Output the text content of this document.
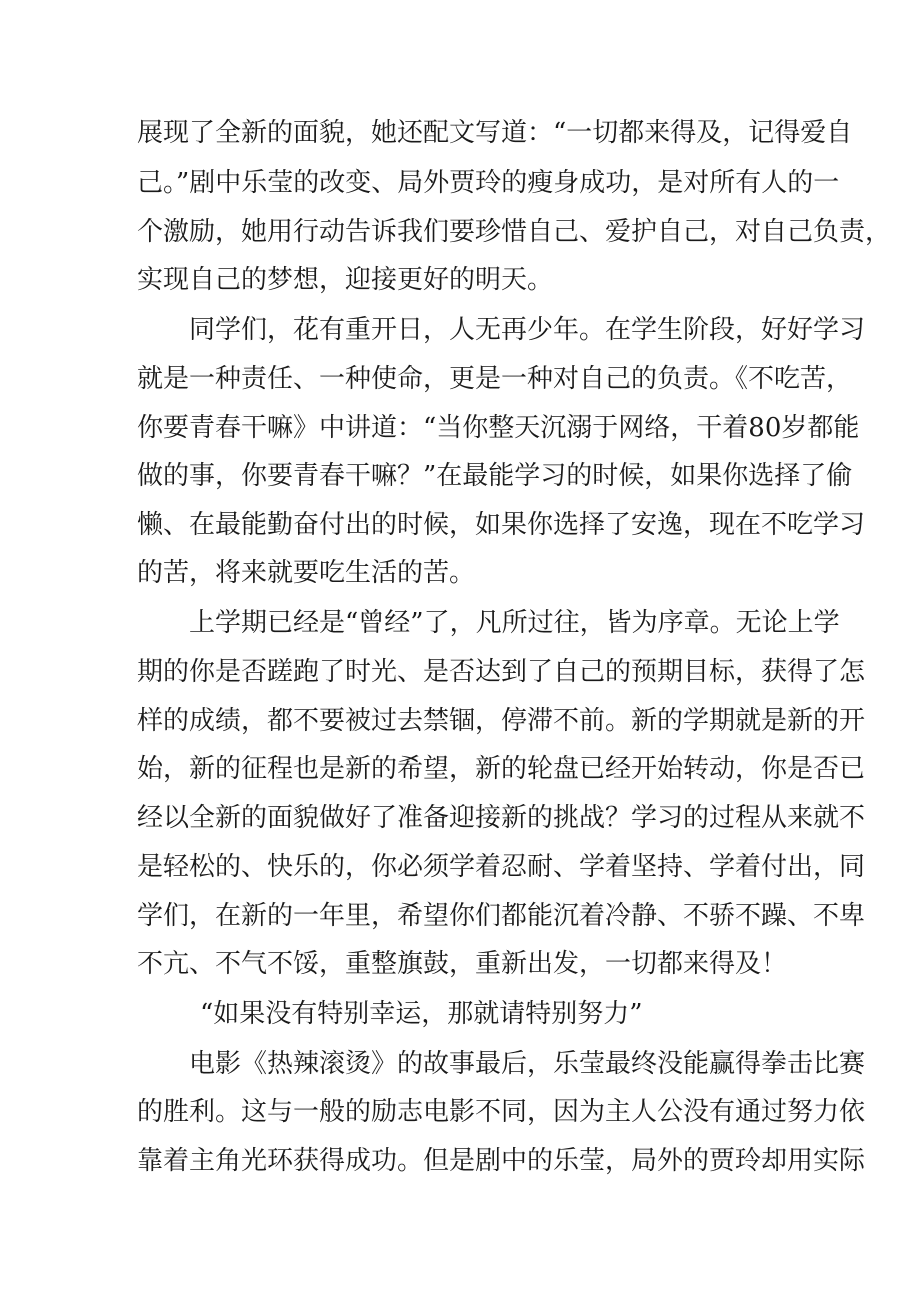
展现了全新的面貌，她还配文写道：“一切都来得及，记得爱自
己。”剧中乐莹的改变、局外贾玲的瘦身成功，是对所有人的一
个激励，她用行动告诉我们要珍惜自己、爱护自己，对自己负责，
实现自己的梦想，迎接更好的明天。
同学们，花有重开日，人无再少年。在学生阶段，好好学习
就是一种责任、一种使命，更是一种对自己的负责。《不吃苦，
你要青春干嘛》中讲道：“当你整天沉溺于网络，干着80岁都能
做的事，你要青春干嘛？”在最能学习的时候，如果你选择了偷
懒、在最能勤奋付出的时候，如果你选择了安逸，现在不吃学习
的苦，将来就要吃生活的苦。
上学期已经是“曾经”了，凡所过往，皆为序章。无论上学
期的你是否蹉跑了时光、是否达到了自己的预期目标，获得了怎
样的成绩，都不要被过去禁锢，停滞不前。新的学期就是新的开
始，新的征程也是新的希望，新的轮盘已经开始转动，你是否已
经以全新的面貌做好了准备迎接新的挑战？学习的过程从来就不
是轻松的、快乐的，你必须学着忍耐、学着坚持、学着付出，同
学们，在新的一年里，希望你们都能沉着冷静、不骄不躁、不卑
不亢、不气不馁，重整旗鼓，重新出发，一切都来得及！
“如果没有特别幸运，那就请特别努力”
电影《热辣滚烫》的故事最后，乐莹最终没能赢得拳击比赛
的胜利。这与一般的励志电影不同，因为主人公没有通过努力依
靠着主角光环获得成功。但是剧中的乐莹，局外的贾玲却用实际
